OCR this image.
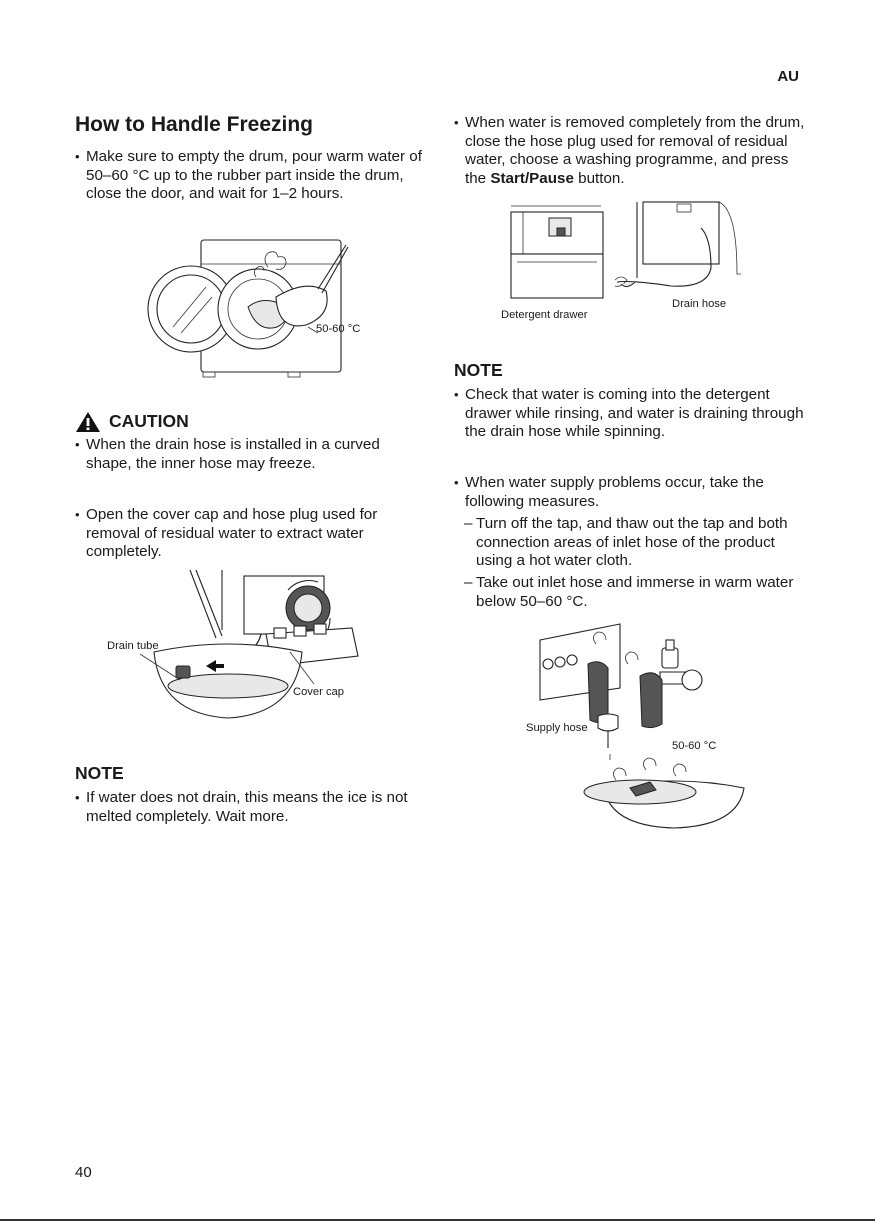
AU
How to Handle Freezing

• Make sure to empty the drum, pour warm water of 50–60 °C up to the rubber part inside the drum, close the door, and wait for 1–2 hours.

50-60 °C
CAUTION

• When the drain hose is installed in a curved shape, the inner hose may freeze.

• Open the cover cap and hose plug used for removal of residual water to extract water completely.

Drain tube
Cover cap
NOTE

• If water does not drain, this means the ice is not melted completely. Wait more.

• When water is removed completely from the drum, close the hose plug used for removal of residual water, choose a washing programme, and press the Start/Pause button.

Detergent drawer
Drain hose
NOTE

• Check that water is coming into the detergent drawer while rinsing, and water is draining through the drain hose while spinning.

• When water supply problems occur, take the following measures.

– Turn off the tap, and thaw out the tap and both connection areas of inlet hose of the product using a hot water cloth.

– Take out inlet hose and immerse in warm water below 50–60 °C.

Supply hose
50-60 °C
40
